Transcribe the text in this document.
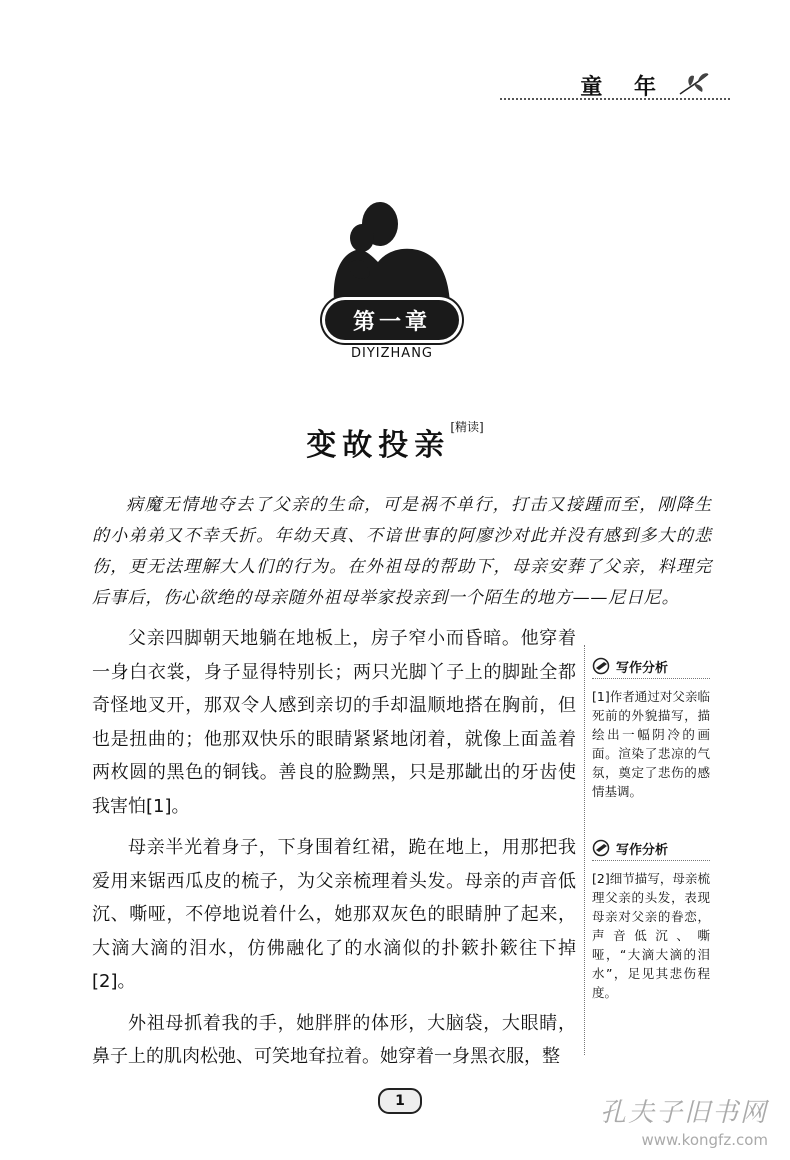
童 年
第一章
DIYIZHANG
变故投亲[精读]
病魔无情地夺去了父亲的生命，可是祸不单行，打击又接踵而至，刚降生的小弟弟又不幸夭折。年幼天真、不谙世事的阿廖沙对此并没有感到多大的悲伤，更无法理解大人们的行为。在外祖母的帮助下，母亲安葬了父亲，料理完后事后，伤心欲绝的母亲随外祖母举家投亲到一个陌生的地方——尼日尼。

父亲四脚朝天地躺在地板上，房子窄小而昏暗。他穿着一身白衣裳，身子显得特别长；两只光脚丫子上的脚趾全都奇怪地叉开，那双令人感到亲切的手却温顺地搭在胸前，但也是扭曲的；他那双快乐的眼睛紧紧地闭着，就像上面盖着两枚圆的黑色的铜钱。善良的脸黝黑，只是那龇出的牙齿使我害怕[1]。

母亲半光着身子，下身围着红裙，跪在地上，用那把我爱用来锯西瓜皮的梳子，为父亲梳理着头发。母亲的声音低沉、嘶哑，不停地说着什么，她那双灰色的眼睛肿了起来，大滴大滴的泪水，仿佛融化了的水滴似的扑簌扑簌往下掉[2]。

外祖母抓着我的手，她胖胖的体形，大脑袋，大眼睛，鼻子上的肌肉松弛、可笑地耷拉着。她穿着一身黑衣服，整

写作分析
[1]作者通过对父亲临死前的外貌描写，描绘出一幅阴冷的画面。渲染了悲凉的气氛，奠定了悲伤的感情基调。
写作分析
[2]细节描写，母亲梳理父亲的头发，表现母亲对父亲的眷恋，声音低沉、嘶哑，“大滴大滴的泪水”，足见其悲伤程度。
1	孔夫子旧书网
www.kongfz.com
